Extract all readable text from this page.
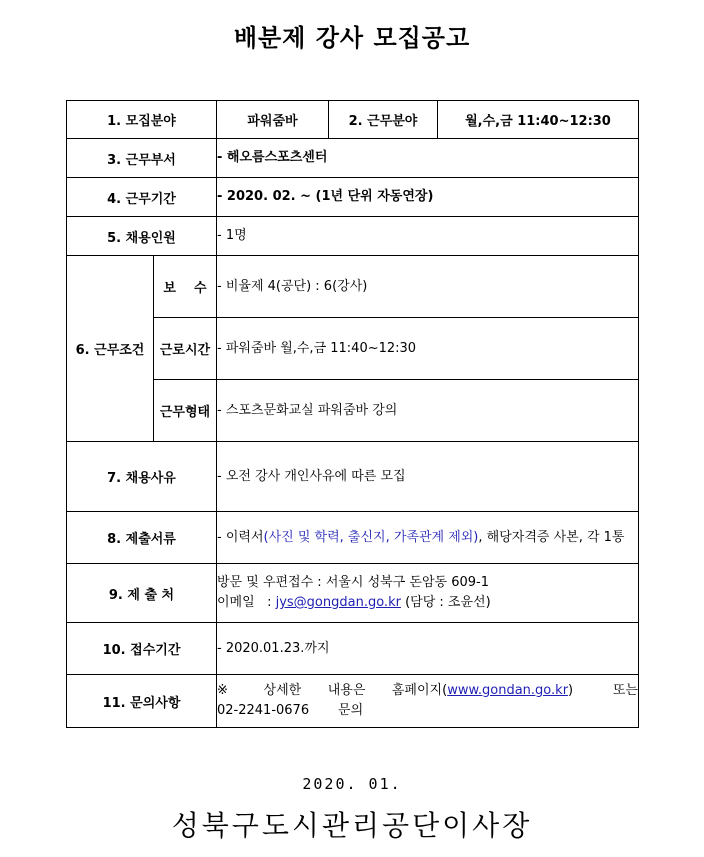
배분제 강사 모집공고
1. 모집분야		파워줌바	2. 근무분야	월,수,금 11:40~12:30
3. 근무부서		- 해오름스포츠센터		
4. 근무기간		- 2020. 02. ~ (1년 단위 자동연장)		
5. 채용인원		- 1명		
6. 근무조건	보    수	- 비율제 4(공단) : 6(강사)		
	근로시간	- 파워줌바 월,수,금 11:40~12:30		
	근무형태	- 스포츠문화교실 파워줌바 강의		
7. 채용사유		- 오전 강사 개인사유에 따른 모집		
8. 제출서류		- 이력서(사진 및 학력, 출신지, 가족관계 제외), 해당자격증 사본, 각 1통		
9. 제 출 처		방문 및 우편접수 : 서울시 성북구 돈암동 609-1
이메일   : jys@gongdan.go.kr (담당 : 조윤선)		

10. 접수기간		- 2020.01.23.까지		
11. 문의사항		※  상세한  내용은  홈페이지(www.gondan.go.kr)   또는
02-2241-0676       문의		
2020. 01.
성북구도시관리공단이사장
